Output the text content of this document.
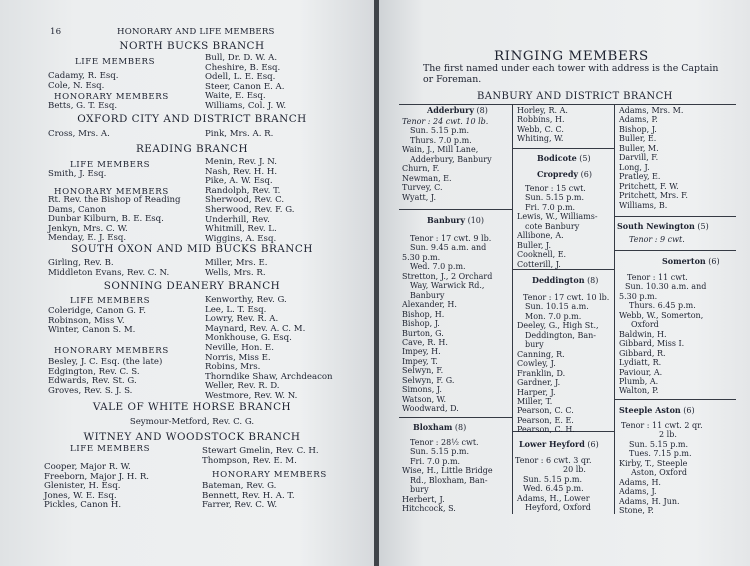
16	HONORARY AND LIFE MEMBERS
NORTH BUCKS BRANCH
LIFE MEMBERS
Cadamy, R. Esq.
Cole, N. Esq.
HONORARY MEMBERS
Betts, G. T. Esq.
Bull, Dr. D. W. A.
Cheshire, B. Esq.
Odell, L. E. Esq.
Steer, Canon E. A.
Waite, E. Esq.
Williams, Col. J. W.
OXFORD CITY AND DISTRICT BRANCH
Cross, Mrs. A.	Pink, Mrs. A. R.
READING BRANCH
LIFE MEMBERS
Smith, J. Esq.
HONORARY MEMBERS
Rt. Rev. the Bishop of Reading
Dams, Canon
Dunbar Kilburn, B. E. Esq.
Jenkyn, Mrs. C. W.
Menday, E. J. Esq.
Menin, Rev. J. N.
Nash, Rev. H. H.
Pike, A. W. Esq.
Randolph, Rev. T.
Sherwood, Rev. C.
Sherwood, Rev. F. G.
Underhill, Rev.
Whitmill, Rev. L.
Wiggins, A. Esq.
SOUTH OXON AND MID BUCKS BRANCH
Girling, Rev. B.
Middleton Evans, Rev. C. N.
Miller, Mrs. E.
Wells, Mrs. R.
SONNING DEANERY BRANCH
LIFE MEMBERS
Coleridge, Canon G. F.
Robinson, Miss V.
Winter, Canon S. M.
HONORARY MEMBERS
Besley, J. C. Esq. (the late)
Edgington, Rev. C. S.
Edwards, Rev. St. G.
Groves, Rev. S. J. S.
Kenworthy, Rev. G.
Lee, L. T. Esq.
Lowry, Rev. R. A.
Maynard, Rev. A. C. M.
Monkhouse, G. Esq.
Neville, Hon. E.
Norris, Miss E.
Robins, Mrs.
Thorndike Shaw, Archdeacon
Weller, Rev. R. D.
Westmore, Rev. W. N.
VALE OF WHITE HORSE BRANCH
Seymour-Metford, Rev. C. G.
WITNEY AND WOODSTOCK BRANCH
LIFE MEMBERS
Cooper, Major R. W.
Freeborn, Major J. H. R.
Glenister, H. Esq.
Jones, W. E. Esq.
Pickles, Canon H.
Stewart Gmelin, Rev. C. H.
Thompson, Rev. E. M.
HONORARY MEMBERS
Bateman, Rev. G.
Bennett, Rev. H. A. T.
Farrer, Rev. C. W.
RINGING MEMBERS
The first named under each tower with address is the Captain
or Foreman.
BANBURY AND DISTRICT BRANCH
Adderbury (8)
Tenor : 24 cwt. 10 lb.
Sun. 5.15 p.m.
Thurs. 7.0 p.m.
Wain, J., Mill Lane,
Adderbury, Banbury
Churn, F.
Newman, E.
Turvey, C.
Wyatt, J.
Banbury (10)
Tenor : 17 cwt. 9 lb.
Sun. 9.45 a.m. and
5.30 p.m.
Wed. 7.0 p.m.
Stretton, J., 2 Orchard
Way, Warwick Rd.,
Banbury
Alexander, H.
Bishop, H.
Bishop, J.
Burton, G.
Cave, R. H.
Impey, H.
Impey, T.
Selwyn, F.
Selwyn, F. G.
Simons, J.
Watson, W.
Woodward, D.
Bloxham (8)
Tenor : 28½ cwt.
Sun. 5.15 p.m.
Fri. 7.0 p.m.
Wise, H., Little Bridge
Rd., Bloxham, Ban-
bury
Herbert, J.
Hitchcock, S.
Horley, R. A.
Robbins, H.
Webb, C. C.
Whiting, W.
Bodicote (5)
Cropredy (6)
Tenor : 15 cwt.
Sun. 5.15 p.m.
Fri. 7.0 p.m.
Lewis, W., Williams-
cote Banbury
Allibone, A.
Buller, J.
Cooknell, E.
Cotterill, J.
Deddington (8)
Tenor : 17 cwt. 10 lb.
Sun. 10.15 a.m.
Mon. 7.0 p.m.
Deeley, G., High St.,
Deddington, Ban-
bury
Canning, R.
Cowley, J.
Franklin, D.
Gardner, J.
Harper, J.
Miller, T.
Pearson, C. C.
Pearson, E. E.
Pearson, C. H.
Lower Heyford (6)
Tenor : 6 cwt. 3 qr.
20 lb.
Sun. 5.15 p.m.
Wed. 6.45 p.m.
Adams, H., Lower
Heyford, Oxford
Adams, Mrs. M.
Adams, P.
Bishop, J.
Buller, E.
Buller, M.
Darvill, F.
Long, J.
Pratley, E.
Pritchett, F. W.
Pritchett, Mrs. F.
Williams, B.
South Newington (5)
Tenor : 9 cwt.
Somerton (6)
Tenor : 11 cwt.
Sun. 10.30 a.m. and
5.30 p.m.
Thurs. 6.45 p.m.
Webb, W., Somerton,
Oxford
Baldwin, H.
Gibbard, Miss I.
Gibbard, R.
Lydiatt, R.
Paviour, A.
Plumb, A.
Walton, P.
Steeple Aston (6)
Tenor : 11 cwt. 2 qr.
2 lb.
Sun. 5.15 p.m.
Tues. 7.15 p.m.
Kirby, T., Steeple
Aston, Oxford
Adams, H.
Adams, J.
Adams, H. Jun.
Stone, P.
